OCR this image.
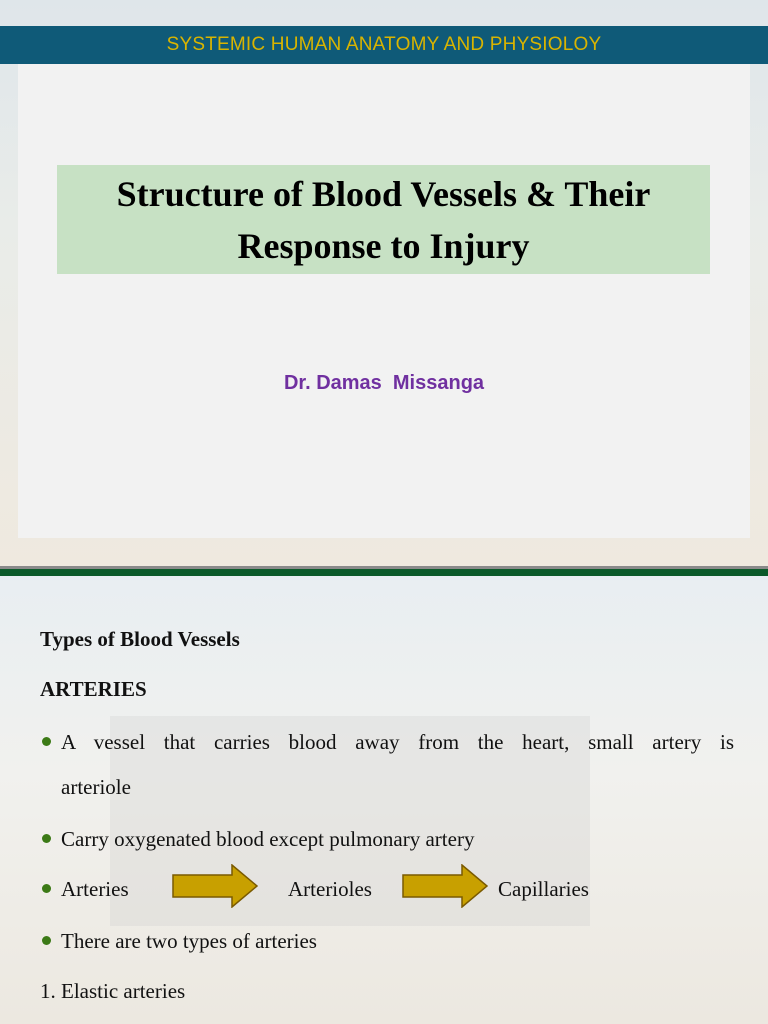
SYSTEMIC HUMAN ANATOMY AND PHYSIOLOY
Structure of Blood Vessels & Their
Response to Injury
Dr. Damas  Missanga
Types of Blood Vessels
ARTERIES
A vessel that carries blood away from the heart, small artery is
arteriole
Carry oxygenated blood except pulmonary artery
Arteries	Arterioles	Capillaries
There are two types of arteries
1. Elastic arteries
